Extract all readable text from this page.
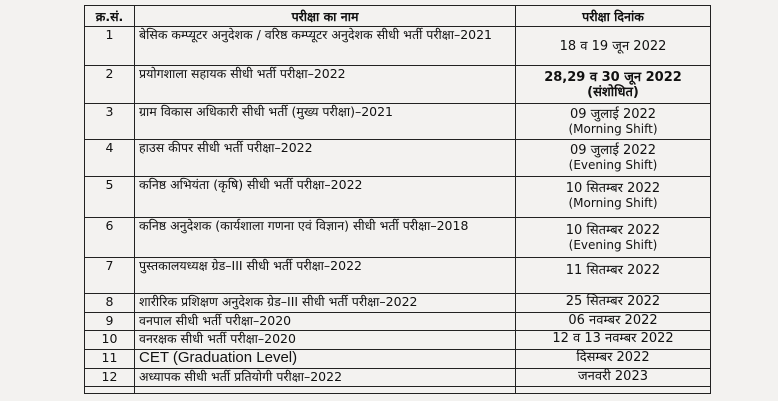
क्र.सं.	परीक्षा का नाम	परीक्षा दिनांक
1	बेसिक कम्प्यूटर अनुदेशक / वरिष्ठ कम्प्यूटर अनुदेशक सीधी भर्ती परीक्षा–2021	18 व 19 जून 2022
2	प्रयोगशाला सहायक सीधी भर्ती परीक्षा–2022	28,29 व 30 जून 2022
(संशोधित)

3	ग्राम विकास अधिकारी सीधी भर्ती (मुख्य परीक्षा)–2021	09 जुलाई 2022
(Morning Shift)

4	हाउस कीपर सीधी भर्ती परीक्षा–2022	09 जुलाई 2022
(Evening Shift)

5	कनिष्ठ अभियंता (कृषि) सीधी भर्ती परीक्षा–2022	10 सितम्बर 2022
(Morning Shift)

6	कनिष्ठ अनुदेशक (कार्यशाला गणना एवं विज्ञान) सीधी भर्ती परीक्षा–2018	10 सितम्बर 2022
(Evening Shift)

7	पुस्तकालयध्यक्ष ग्रेड–III सीधी भर्ती परीक्षा–2022	11 सितम्बर 2022
8	शारीरिक प्रशिक्षण अनुदेशक ग्रेड–III सीधी भर्ती परीक्षा–2022	25 सितम्बर 2022
9	वनपाल सीधी भर्ती परीक्षा–2020	06 नवम्बर 2022
10	वनरक्षक सीधी भर्ती परीक्षा–2020	12 व 13 नवम्बर 2022
11	CET (Graduation Level)	दिसम्बर 2022
12	अध्यापक सीधी भर्ती प्रतियोगी परीक्षा–2022	जनवरी 2023
